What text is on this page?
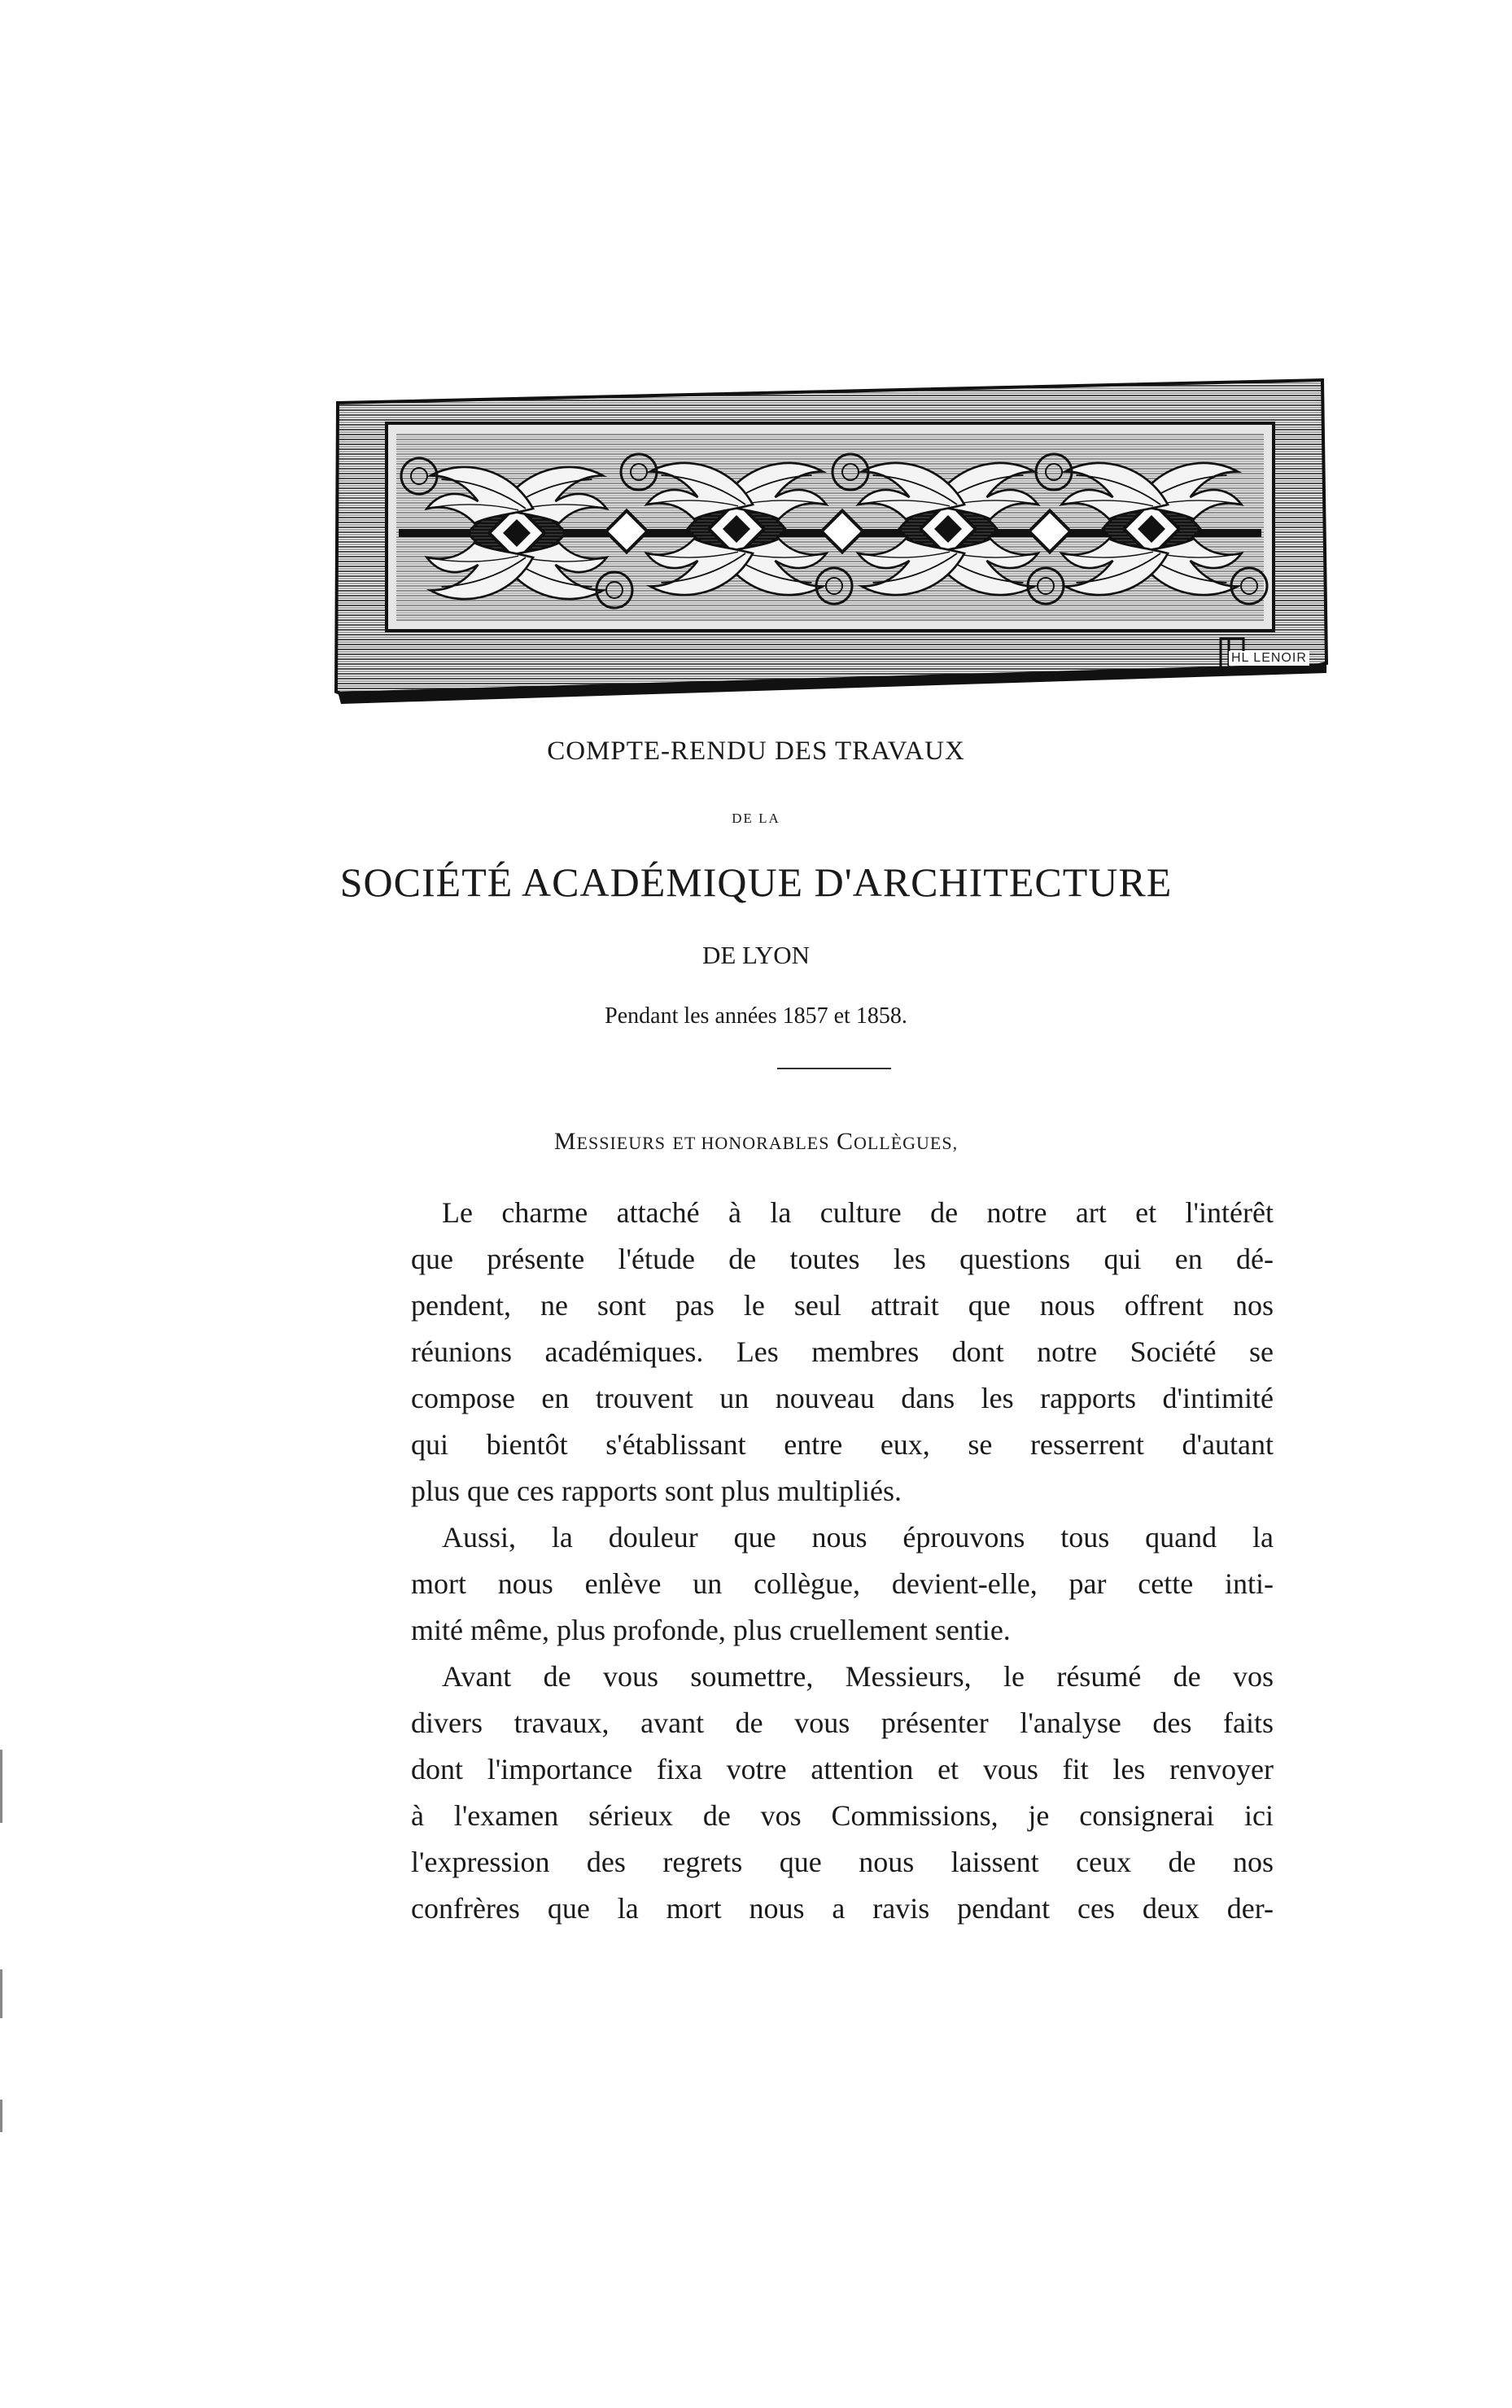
HL LENOIR
COMPTE-RENDU DES TRAVAUX
DE LA
SOCIÉTÉ ACADÉMIQUE D'ARCHITECTURE
DE LYON
Pendant les années 1857 et 1858.
MESSIEURS ET HONORABLES COLLÈGUES,
Le charme attaché à la culture de notre art et l'intérêt
que présente l'étude de toutes les questions qui en dé-
pendent, ne sont pas le seul attrait que nous offrent nos
réunions académiques. Les membres dont notre Société se
compose en trouvent un nouveau dans les rapports d'intimité
qui bientôt s'établissant entre eux, se resserrent d'autant
plus que ces rapports sont plus multipliés.
Aussi, la douleur que nous éprouvons tous quand la
mort nous enlève un collègue, devient-elle, par cette inti-
mité même, plus profonde, plus cruellement sentie.
Avant de vous soumettre, Messieurs, le résumé de vos
divers travaux, avant de vous présenter l'analyse des faits
dont l'importance fixa votre attention et vous fit les renvoyer
à l'examen sérieux de vos Commissions, je consignerai ici
l'expression des regrets que nous laissent ceux de nos
confrères que la mort nous a ravis pendant ces deux der-
